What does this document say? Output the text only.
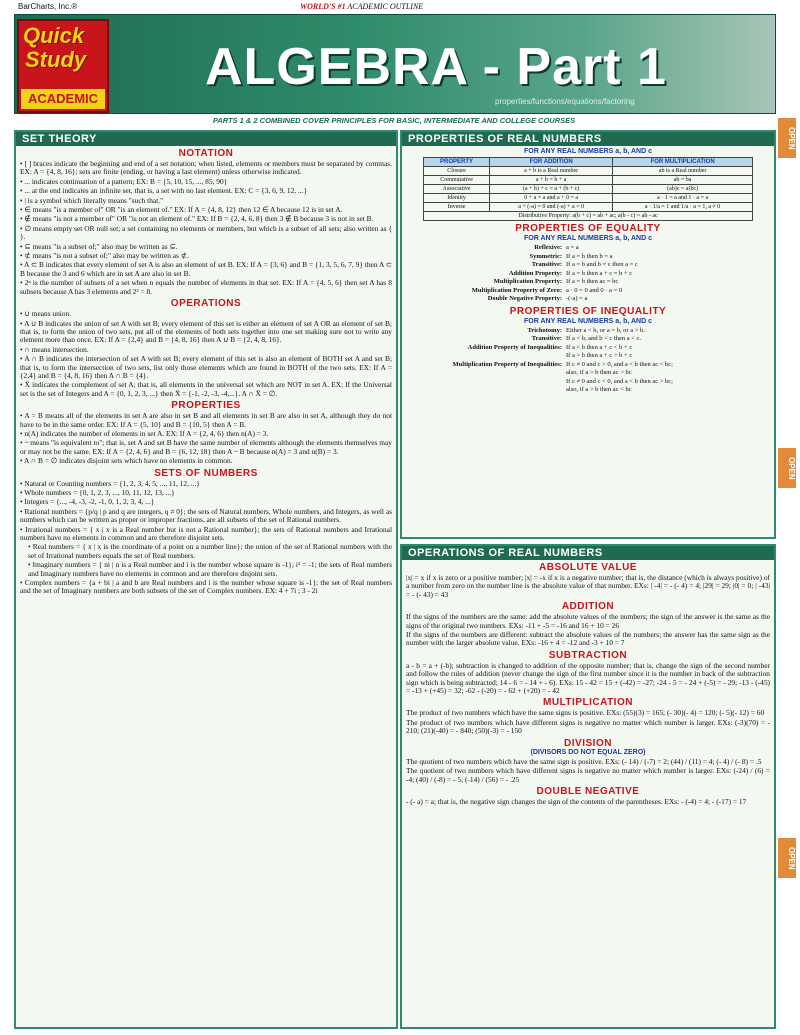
BarCharts, Inc.®	WORLD'S #1 ACADEMIC OUTLINE
Quick
Study
ACADEMIC
ALGEBRA - Part 1
properties/functions/equations/factoring
OPEN
OPEN
OPEN
PARTS 1 & 2 COMBINED COVER PRINCIPLES FOR BASIC, INTERMEDIATE AND COLLEGE COURSES
SET THEORY
NOTATION

• [ ] braces indicate the beginning and end of a set notation; when listed, elements or members must be separated by commas. EX: A = {4, 8, 16}; sets are finite (ending, or having a last element) unless otherwise indicated.

• ... indicates continuation of a pattern; EX: B = {5, 10, 15, ..., 85, 90}

• ... at the end indicates an infinite set, that is, a set with no last element. EX: C = {3, 6, 9, 12, ...}

• | is a symbol which literally means "such that."

• ∈ means "is a member of" OR "is an element of." EX: If A = {4, 8, 12} then 12 ∈ A because 12 is in set A.

• ∉ means "is not a member of" OR "is not an element of." EX: If B = {2, 4, 6, 8} then 3 ∉ B because 3 is not in set B.

• ∅ means empty set OR null set; a set containing no elements or members, but which is a subset of all sets; also written as { }.

• ⊆ means "is a subset of;" also may be written as ⊆.

• ⊄ means "is not a subset of;" also may be written as ⊄.

• A ⊂ B indicates that every element of set A is also an element of set B. EX: If A = {3, 6} and B = {1, 3, 5, 6, 7, 9} then A ⊂ B because the 3 and 6 which are in set A are also in set B.

• 2ⁿ is the number of subsets of a set when n equals the number of elements in that set. EX: If A = {4, 5, 6} then set A has 8 subsets because A has 3 elements and 2³ = 8.

OPERATIONS

• ∪ means union.

• A ∪ B indicates the union of set A with set B; every element of this set is either an element of set A OR an element of set B; that is, to form the union of two sets, put all of the elements of both sets together into one set making sure not to write any element more than once. EX: If A = {2,4} and B = {4, 8, 16} then A ∪ B = {2, 4, 8, 16}.

• ∩ means intersection.

• A ∩ B indicates the intersection of set A with set B; every element of this set is also an element of BOTH set A and set B; that is, to form the intersection of two sets, list only those elements which are found in BOTH of the two sets. EX: If A = {2,4} and B = {4, 8, 16} then A ∩ B = {4}.

• X̄ indicates the complement of set A; that is, all elements in the universal set which are NOT in set A. EX: If the Universal set is the set of Integers and A = {0, 1, 2, 3, ...} then X̄ = {-1, -2, -3, -4,...}. A ∩ X̄ = ∅.

PROPERTIES

• A = B means all of the elements in set A are also in set B and all elements in set B are also in set A, although they do not have to be in the same order. EX: If A = {5, 10} and B = {10, 5} then A = B.

• n(A) indicates the number of elements in set A. EX: If A = {2, 4, 6} then n(A) = 3.

• ~ means "is equivalent to"; that is, set A and set B have the same number of elements although the elements themselves may or may not be the same. EX: If A = {2, 4, 6} and B = {6, 12, 18} then A ~ B because n(A) = 3 and n(B) = 3.

• A ∩ B = ∅ indicates disjoint sets which have no elements in common.

SETS OF NUMBERS

• Natural or Counting numbers = {1, 2, 3, 4, 5, ..., 11, 12, ...}

• Whole numbers = {0, 1, 2, 3, ..., 10, 11, 12, 13, ...}

• Integers = {..., -4, -3, -2, -1, 0, 1, 2, 3, 4, ...}

• Rational numbers = {p/q | p and q are integers, q ≠ 0}; the sets of Natural numbers, Whole numbers, and Integers, as well as numbers which can be written as proper or improper fractions, are all subsets of the set of Rational numbers.

• Irrational numbers = { x | x is a Real number but is not a Rational number}; the sets of Rational numbers and Irrational numbers have no elements in common and are therefore disjoint sets.

• Real numbers = { x | x is the coordinate of a point on a number line}; the union of the set of Rational numbers with the set of Irrational numbers equals the set of Real numbers.

• Imaginary numbers = { ni | n is a Real number and i is the number whose square is -1}; i² = -1; the sets of Real numbers and Imaginary numbers have no elements in common and are therefore disjoint sets.

• Complex numbers = {a + bi | a and b are Real numbers and i is the number whose square is -1}; the set of Real numbers and the set of Imaginary numbers are both subsets of the set of Complex numbers. EX: 4 + 7i ; 3 - 2i

PROPERTIES OF REAL NUMBERS
FOR ANY REAL NUMBERS a, b, AND c
PROPERTY	FOR ADDITION	FOR MULTIPLICATION
Closure	a + b is a Real number	ab is a Real number
Commutative	a + b = b + a	ab = ba
Associative	(a + b) + c = a + (b + c)	(ab)c = a(bc)
Identity	0 + a = a and a + 0 = a	a · 1 = a and 1 · a = a
Inverse	a + (-a) = 0 and (-a) + a = 0	a · 1/a = 1 and 1/a · a = 1, a ≠ 0
Distributive Property: a(b + c) = ab + ac; a(b - c) = ab - ac		
PROPERTIES OF EQUALITY
FOR ANY REAL NUMBERS a, b, AND c
Reflexive: a = a
Symmetric: If a = b then b = a
Transitive: If a = b and b = c then a = c
Addition Property: If a = b then a + c = b + c
Multiplication Property: If a = b then ac = bc
Multiplication Property of Zero: a · 0 = 0 and 0 · a = 0
Double Negative Property: -(-a) = a
PROPERTIES OF INEQUALITY
FOR ANY REAL NUMBERS a, b, AND c
Trichotomy: Either a < b, or a = b, or a > b.
Transitive: If a < b, and b < c then a < c.
Addition Property of Inequalities: If a < b then a + c < b + c
If a > b then a + c > b + c
Multiplication Property of Inequalities: If c ≠ 0 and c > 0, and a < b then ac < bc;
also, if a > b then ac > bc
If c ≠ 0 and c < 0, and a < b then ac > bc;
also, if a > b then ac < bc
OPERATIONS OF REAL NUMBERS
ABSOLUTE VALUE

|x| = x if x is zero or a positive number; |x| = -x if x is a negative number; that is, the distance (which is always positive) of a number from zero on the number line is the absolute value of that number. EXs: | -4| = - (- 4) = 4; |29| = 29; |0| = 0; | -43| = - (- 43) = 43

ADDITION

If the signs of the numbers are the same: add the absolute values of the numbers; the sign of the answer is the same as the signs of the original two numbers. EXs: -11 + -5 = -16 and 16 + 10 = 26

If the signs of the numbers are different: subtract the absolute values of the numbers; the answer has the same sign as the number with the larger absolute value. EXs: -16 + 4 = -12 and -3 + 10 = 7

SUBTRACTION

a - b = a + (-b); subtraction is changed to addition of the opposite number; that is, change the sign of the second number and follow the rules of addition (never change the sign of the first number since it is the number in back of the subtraction sign which is being subtracted; 14 - 6 = - 14 + - 6). EXs: 15 - 42 = 15 + (-42) = -27; -24 - 5 = - 24 + (-5) = - 29; -13 - (-45) = -13 + (+45) = 32; -62 - (-20) = - 62 + (+20) = - 42

MULTIPLICATION

The product of two numbers which have the same signs is positive. EXs: (55)(3) = 165; (- 30)(- 4) = 120; (- 5)(- 12) = 60

The product of two numbers which have different signs is negative no matter which number is larger. EXs: (-3)(70) = - 210; (21)(-40) = - 840; (50)(-3) = - 150

DIVISION
(DIVISORS DO NOT EQUAL ZERO)

The quotient of two numbers which have the same sign is positive. EXs: (- 14) / (-7) = 2; (44) / (11) = 4; (- 4) / (- 8) = .5

The quotient of two numbers which have different signs is negative no matter which number is larger. EXs: (-24) / (6) = -4; (40) / (-8) = - 5; (-14) / (56) = - .25

DOUBLE NEGATIVE

- (- a) = a; that is, the negative sign changes the sign of the contents of the parentheses. EXs: - (-4) = 4; - (-17) = 17
